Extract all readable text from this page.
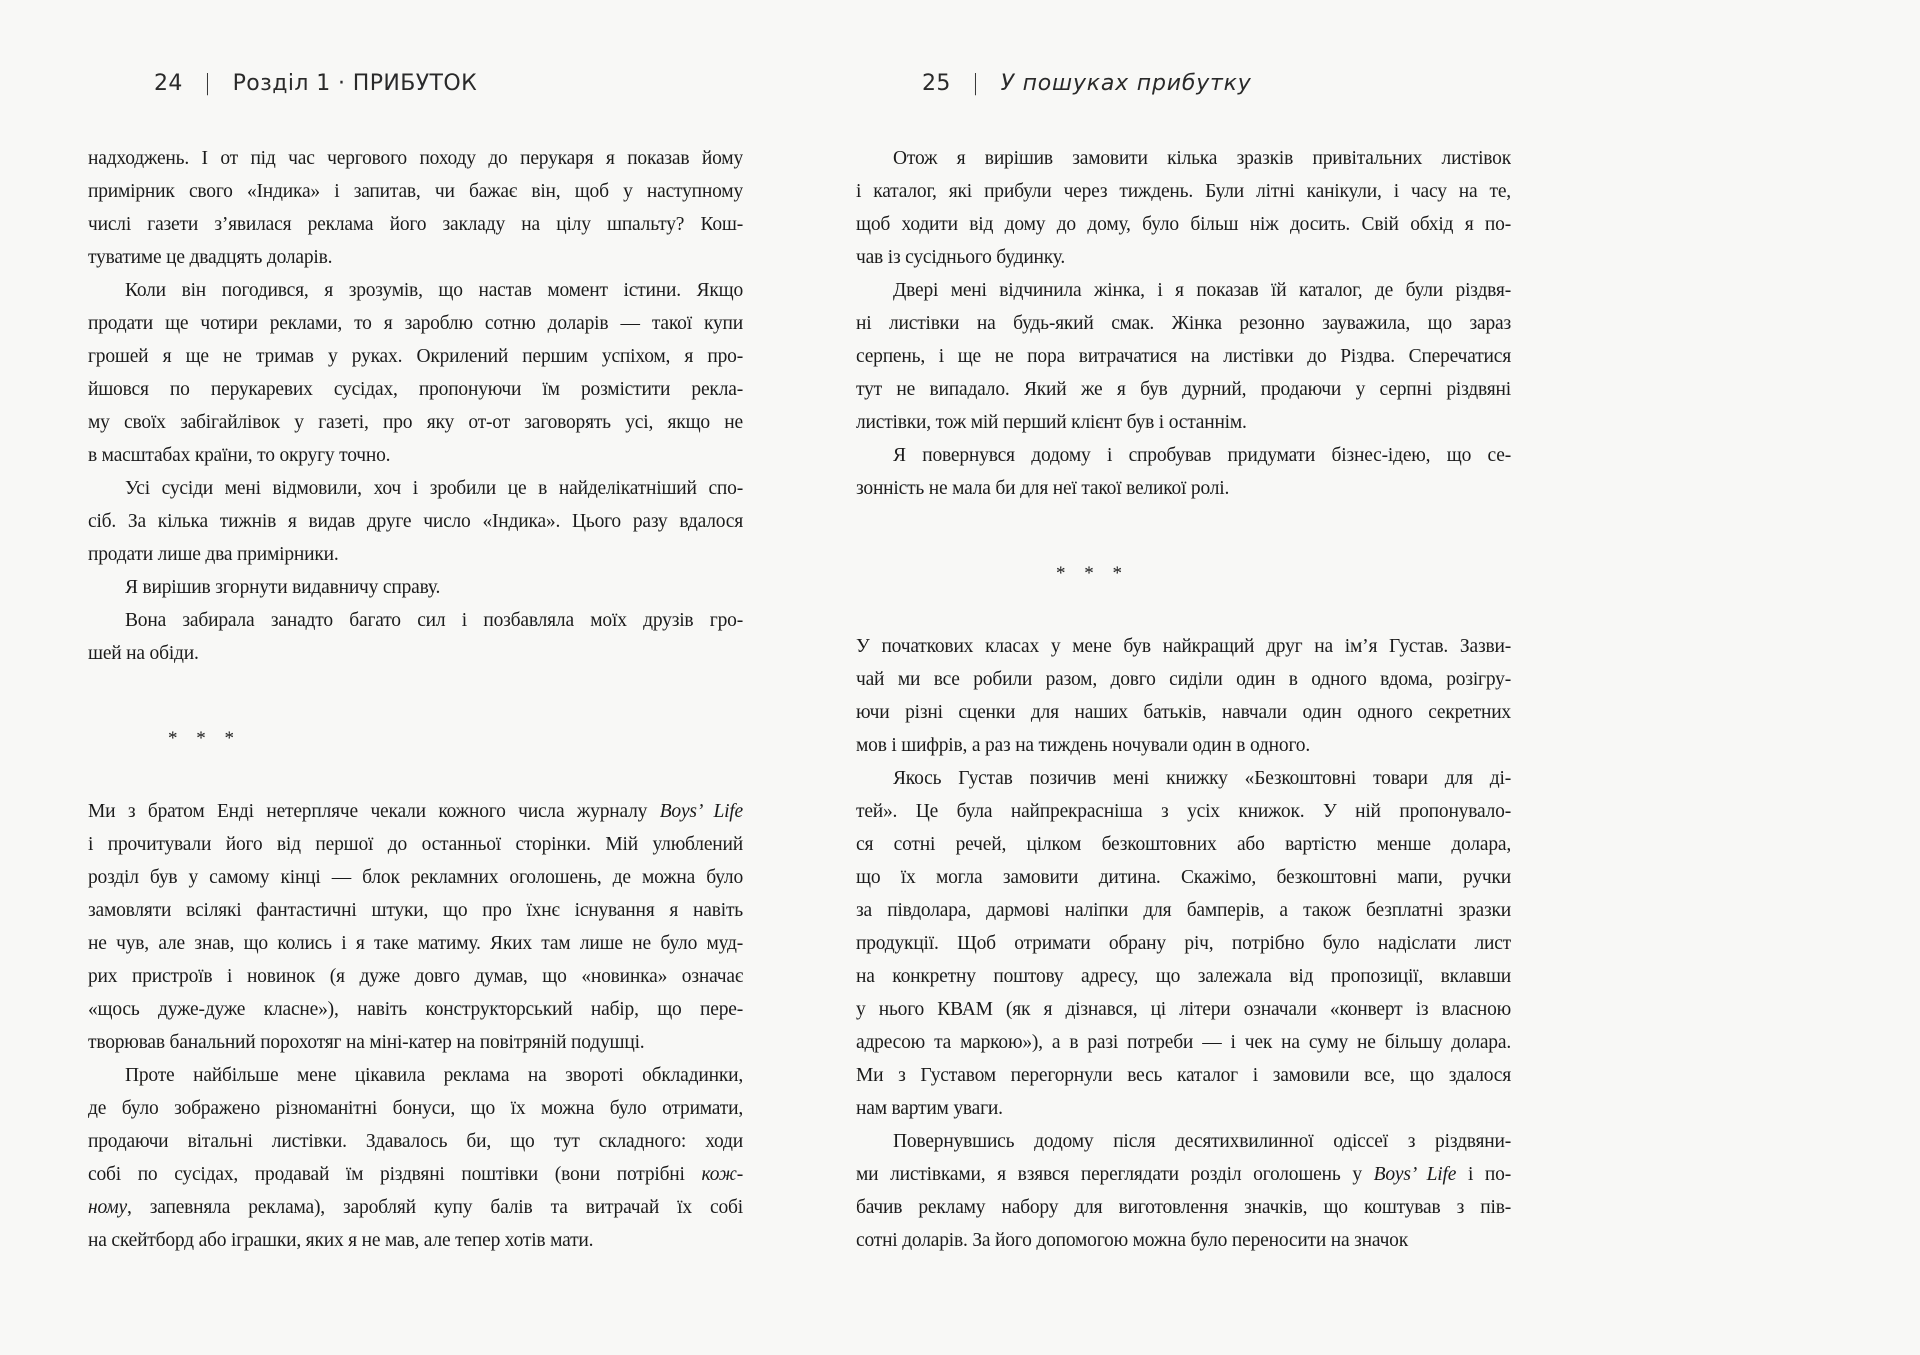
24 | Розділ 1 · ПРИБУТОК
надходжень. І от під час чергового походу до перукаря я показав йому
примірник свого «Індика» і запитав, чи бажає він, щоб у наступному
числі газети з’явилася реклама його закладу на цілу шпальту? Кош-
туватиме це двадцять доларів.
Коли він погодився, я зрозумів, що настав момент істини. Якщо
продати ще чотири реклами, то я зароблю сотню доларів — такої купи
грошей я ще не тримав у руках. Окрилений першим успіхом, я про-
йшовся по перукаревих сусідах, пропонуючи їм розмістити рекла-
му своїх забігайлівок у газеті, про яку от-от заговорять усі, якщо не
в масштабах країни, то округу точно.
Усі сусіди мені відмовили, хоч і зробили це в найделікатніший спо-
сіб. За кілька тижнів я видав друге число «Індика». Цього разу вдалося
продати лише два примірники.
Я вирішив згорнути видавничу справу.
Вона забирала занадто багато сил і позбавляла моїх друзів гро-
шей на обіди.
* * *
Ми з братом Енді нетерпляче чекали кожного числа журналу Boys’ Life
і прочитували його від першої до останньої сторінки. Мій улюблений
розділ був у самому кінці — блок рекламних оголошень, де можна було
замовляти всілякі фантастичні штуки, що про їхнє існування я навіть
не чув, але знав, що колись і я таке матиму. Яких там лише не було муд-
рих пристроїв і новинок (я дуже довго думав, що «новинка» означає
«щось дуже-дуже класне»), навіть конструкторський набір, що пере-
творював банальний порохотяг на міні-катер на повітряній подушці.
Проте найбільше мене цікавила реклама на звороті обкладинки,
де було зображено різноманітні бонуси, що їх можна було отримати,
продаючи вітальні листівки. Здавалось би, що тут складного: ходи
собі по сусідах, продавай їм різдвяні поштівки (вони потрібні кож-
ному, запевняла реклама), заробляй купу балів та витрачай їх собі
на скейтборд або іграшки, яких я не мав, але тепер хотів мати.
25 | У пошуках прибутку
Отож я вирішив замовити кілька зразків привітальних листівок
і каталог, які прибули через тиждень. Були літні канікули, і часу на те,
щоб ходити від дому до дому, було більш ніж досить. Свій обхід я по-
чав із сусіднього будинку.
Двері мені відчинила жінка, і я показав їй каталог, де були різдвя-
ні листівки на будь-який смак. Жінка резонно зауважила, що зараз
серпень, і ще не пора витрачатися на листівки до Різдва. Сперечатися
тут не випадало. Який же я був дурний, продаючи у серпні різдвяні
листівки, тож мій перший клієнт був і останнім.
Я повернувся додому і спробував придумати бізнес-ідею, що се-
зонність не мала би для неї такої великої ролі.
* * *
У початкових класах у мене був найкращий друг на ім’я Густав. Зазви-
чай ми все робили разом, довго сиділи один в одного вдома, розігру-
ючи різні сценки для наших батьків, навчали один одного секретних
мов і шифрів, а раз на тиждень ночували один в одного.
Якось Густав позичив мені книжку «Безкоштовні товари для ді-
тей». Це була найпрекрасніша з усіх книжок. У ній пропонувало-
ся сотні речей, цілком безкоштовних або вартістю менше долара,
що їх могла замовити дитина. Скажімо, безкоштовні мапи, ручки
за півдолара, дармові наліпки для бамперів, а також безплатні зразки
продукції. Щоб отримати обрану річ, потрібно було надіслати лист
на конкретну поштову адресу, що залежала від пропозиції, вклавши
у нього КВАМ (як я дізнався, ці літери означали «конверт із власною
адресою та маркою»), а в разі потреби — і чек на суму не більшу долара.
Ми з Густавом перегорнули весь каталог і замовили все, що здалося
нам вартим уваги.
Повернувшись додому після десятихвилинної одіссеї з різдвяни-
ми листівками, я взявся переглядати розділ оголошень у Boys’ Life і по-
бачив рекламу набору для виготовлення значків, що коштував з пів-
сотні доларів. За його допомогою можна було переносити на значок
